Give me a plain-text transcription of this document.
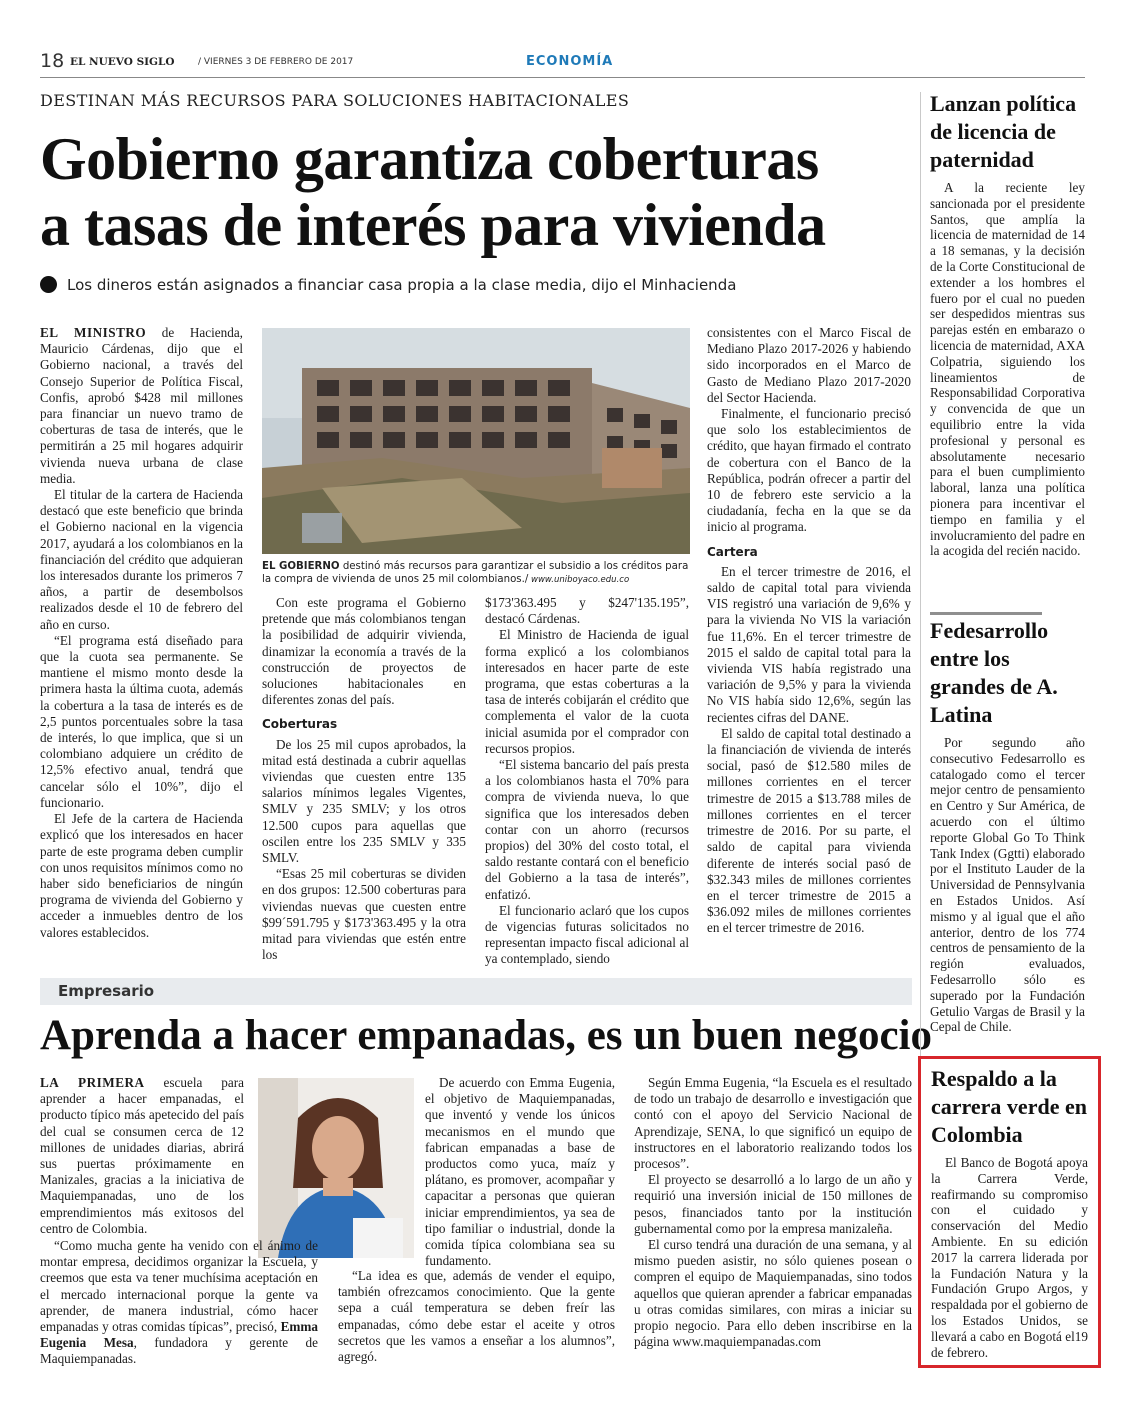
18 EL NUEVO SIGLO	/ VIERNES 3 DE FEBRERO DE 2017	ECONOMÍA
DESTINAN MÁS RECURSOS PARA SOLUCIONES HABITACIONALES
Gobierno garantiza coberturas
a tasas de interés para vivienda
Los dineros están asignados a financiar casa propia a la clase media, dijo el Minhacienda

EL MINISTRO de Hacienda, Mauricio Cárdenas, dijo que el Gobierno nacional, a través del Consejo Superior de Política Fiscal, Confis, aprobó $428 mil millones para financiar un nuevo tramo de coberturas de tasa de interés, que le permitirán a 25 mil hogares adquirir vivienda nueva urbana de clase media.

El titular de la cartera de Hacienda destacó que este beneficio que brinda el Gobierno nacional en la vigencia 2017, ayudará a los colombianos en la financiación del crédito que adquieran los interesados durante los primeros 7 años, a partir de desembolsos realizados desde el 10 de febrero del año en curso.

“El programa está diseñado para que la cuota sea permanente. Se mantiene el mismo monto desde la primera hasta la última cuota, además la cobertura a la tasa de interés es de 2,5 puntos porcentuales sobre la tasa de interés, lo que implica, que si un colombiano adquiere un crédito de 12,5% efectivo anual, tendrá que cancelar sólo el 10%”, dijo el funcionario.

El Jefe de la cartera de Hacienda explicó que los interesados en hacer parte de este programa deben cumplir con unos requisitos mínimos como no haber sido beneficiarios de ningún programa de vivienda del Gobierno y acceder a inmuebles dentro de los valores establecidos.

EL GOBIERNO destinó más recursos para garantizar el subsidio a los créditos para la compra de vivienda de unos 25 mil colombianos./ www.uniboyaco.edu.co

Con este programa el Gobierno pretende que más colombianos tengan la posibilidad de adquirir vivienda, dinamizar la economía a través de la construcción de proyectos de soluciones habitacionales en diferentes zonas del país.

Coberturas

De los 25 mil cupos aprobados, la mitad está destinada a cubrir aquellas viviendas que cuesten entre 135 salarios mínimos legales Vigentes, SMLV y 235 SMLV; y los otros 12.500 cupos para aquellas que oscilen entre los 235 SMLV y 335 SMLV.

“Esas 25 mil coberturas se dividen en dos grupos: 12.500 coberturas para viviendas nuevas que cuesten entre $99´591.795 y $173'363.495 y la otra mitad para viviendas que estén entre los

$173'363.495 y $247'135.195”, destacó Cárdenas.

El Ministro de Hacienda de igual forma explicó a los colombianos interesados en hacer parte de este programa, que estas coberturas a la tasa de interés cobijarán el crédito que complementa el valor de la cuota inicial asumida por el comprador con recursos propios.

“El sistema bancario del país presta a los colombianos hasta el 70% para compra de vivienda nueva, lo que significa que los interesados deben contar con un ahorro (recursos propios) del 30% del costo total, el saldo restante contará con el beneficio del Gobierno a la tasa de interés”, enfatizó.

El funcionario aclaró que los cupos de vigencias futuras solicitados no representan impacto fiscal adicional al ya contemplado, siendo

consistentes con el Marco Fiscal de Mediano Plazo 2017-2026 y habiendo sido incorporados en el Marco de Gasto de Mediano Plazo 2017-2020 del Sector Hacienda.

Finalmente, el funcionario precisó que solo los establecimientos de crédito, que hayan firmado el contrato de cobertura con el Banco de la República, podrán ofrecer a partir del 10 de febrero este servicio a la ciudadanía, fecha en la que se da inicio al programa.

Cartera

En el tercer trimestre de 2016, el saldo de capital total para vivienda VIS registró una variación de 9,6% y para la vivienda No VIS la variación fue 11,6%. En el tercer trimestre de 2015 el saldo de capital total para la vivienda VIS había registrado una variación de 9,5% y para la vivienda No VIS había sido 12,6%, según las recientes cifras del DANE.

El saldo de capital total destinado a la financiación de vivienda de interés social, pasó de $12.580 miles de millones corrientes en el tercer trimestre de 2015 a $13.788 miles de millones corrientes en el tercer trimestre de 2016. Por su parte, el saldo de capital para vivienda diferente de interés social pasó de $32.343 miles de millones corrientes en el tercer trimestre de 2015 a $36.092 miles de millones corrientes en el tercer trimestre de 2016.

Empresario
Aprenda a hacer empanadas, es un buen negocio

LA PRIMERA escuela para aprender a hacer empanadas, el producto típico más apetecido del país del cual se consumen cerca de 12 millones de unidades diarias, abrirá sus puertas próximamente en Manizales, gracias a la iniciativa de Maquiempanadas, uno de los emprendimientos más exitosos del centro de Colombia.

“Como mucha gente ha venido con el ánimo de montar empresa, decidimos organizar la Escuela, y creemos que esta va tener muchísima aceptación en el mercado internacional porque la gente va aprender, de manera industrial, cómo hacer empanadas y otras comidas típicas”, precisó, Emma Eugenia Mesa, fundadora y gerente de Maquiempanadas.

De acuerdo con Emma Eugenia, el objetivo de Maquiempanadas, que inventó y vende los únicos mecanismos en el mundo que fabrican empanadas a base de productos como yuca, maíz y plátano, es promover, acompañar y capacitar a personas que quieran iniciar emprendimientos, ya sea de tipo familiar o industrial, donde la comida típica colombiana sea su fundamento.

“La idea es que, además de vender el equipo, también ofrezcamos conocimiento. Que la gente sepa a cuál temperatura se deben freír las empanadas, cómo debe estar el aceite y otros secretos que les vamos a enseñar a los alumnos”, agregó.

Según Emma Eugenia, “la Escuela es el resultado de todo un trabajo de desarrollo e investigación que contó con el apoyo del Servicio Nacional de Aprendizaje, SENA, lo que significó un equipo de instructores en el laboratorio realizando todos los procesos”.

El proyecto se desarrolló a lo largo de un año y requirió una inversión inicial de 150 millones de pesos, financiados tanto por la institución gubernamental como por la empresa manizaleña.

El curso tendrá una duración de una semana, y al mismo pueden asistir, no sólo quienes posean o compren el equipo de Maquiempanadas, sino todos aquellos que quieran aprender a fabricar empanadas u otras comidas similares, con miras a iniciar su propio negocio. Para ello deben inscribirse en la página www.maquiempanadas.com

Lanzan política de licencia de paternidad

A la reciente ley sancionada por el presidente Santos, que amplía la licencia de maternidad de 14 a 18 semanas, y la decisión de la Corte Constitucional de extender a los hombres el fuero por el cual no pueden ser despedidos mientras sus parejas estén en embarazo o licencia de maternidad, AXA Colpatria, siguiendo los lineamientos de Responsabilidad Corporativa y convencida de que un equilibrio entre la vida profesional y personal es absolutamente necesario para el buen cumplimiento laboral, lanza una política pionera para incentivar el tiempo en familia y el involucramiento del padre en la acogida del recién nacido.

Fedesarrollo entre los grandes de A. Latina

Por segundo año consecutivo Fedesarrollo es catalogado como el tercer mejor centro de pensamiento en Centro y Sur América, de acuerdo con el último reporte Global Go To Think Tank Index (Ggtti) elaborado por el Instituto Lauder de la Universidad de Pennsylvania en Estados Unidos. Así mismo y al igual que el año anterior, dentro de los 774 centros de pensamiento de la región evaluados, Fedesarrollo sólo es superado por la Fundación Getulio Vargas de Brasil y la Cepal de Chile.

Respaldo a la carrera verde en Colombia

El Banco de Bogotá apoya la Carrera Verde, reafirmando su compromiso con el cuidado y conservación del Medio Ambiente. En su edición 2017 la carrera liderada por la Fundación Natura y la Fundación Grupo Argos, y respaldada por el gobierno de los Estados Unidos, se llevará a cabo en Bogotá el19 de febrero.
